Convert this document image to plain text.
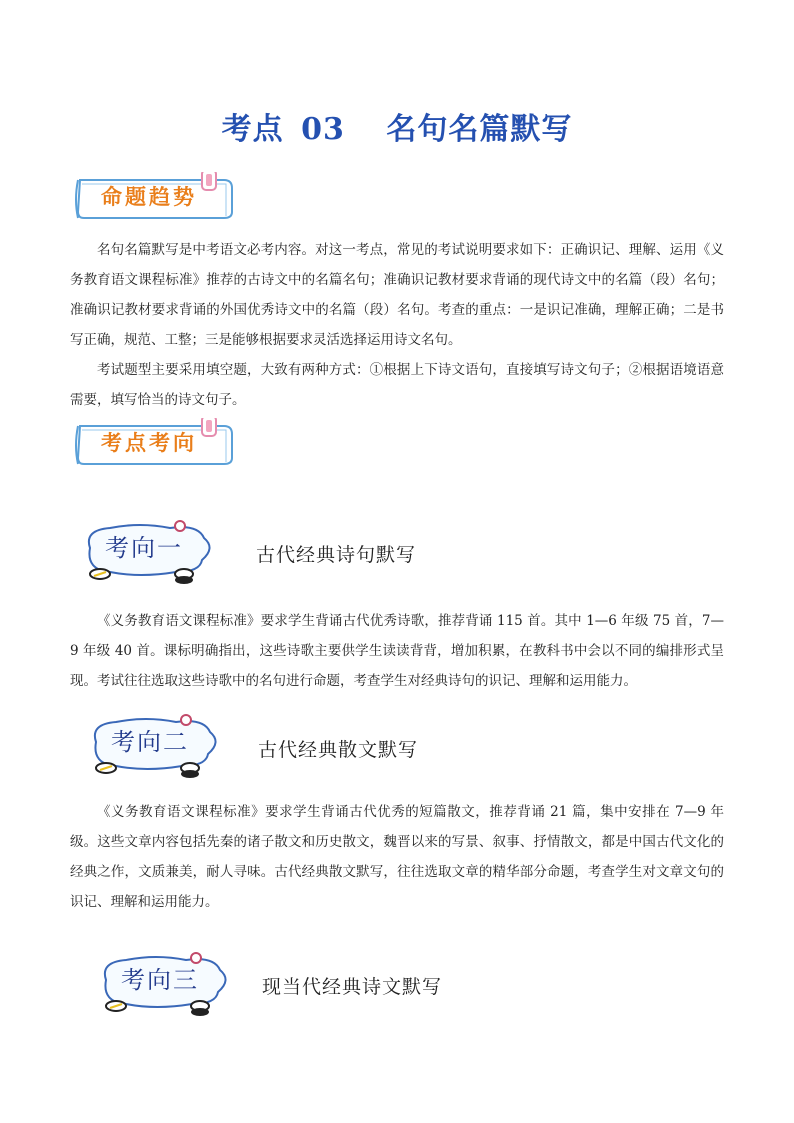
考点 03 名句名篇默写
命题趋势

名句名篇默写是中考语文必考内容。对这一考点，常见的考试说明要求如下：正确识记、理解、运用《义务教育语文课程标准》推荐的古诗文中的名篇名句；准确识记教材要求背诵的现代诗文中的名篇（段）名句；准确识记教材要求背诵的外国优秀诗文中的名篇（段）名句。考查的重点：一是识记准确，理解正确；二是书写正确，规范、工整；三是能够根据要求灵活选择运用诗文名句。

考试题型主要采用填空题，大致有两种方式：①根据上下诗文语句，直接填写诗文句子；②根据语境语意需要，填写恰当的诗文句子。

考点考向
考向一	古代经典诗句默写

《义务教育语文课程标准》要求学生背诵古代优秀诗歌，推荐背诵 115 首。其中 1—6 年级 75 首，7—9 年级 40 首。课标明确指出，这些诗歌主要供学生读读背背，增加积累，在教科书中会以不同的编排形式呈现。考试往往选取这些诗歌中的名句进行命题，考查学生对经典诗句的识记、理解和运用能力。

考向二	古代经典散文默写

《义务教育语文课程标准》要求学生背诵古代优秀的短篇散文，推荐背诵 21 篇，集中安排在 7—9 年级。这些文章内容包括先秦的诸子散文和历史散文，魏晋以来的写景、叙事、抒情散文，都是中国古代文化的经典之作，文质兼美，耐人寻味。古代经典散文默写，往往选取文章的精华部分命题，考查学生对文章文句的识记、理解和运用能力。

考向三	现当代经典诗文默写
